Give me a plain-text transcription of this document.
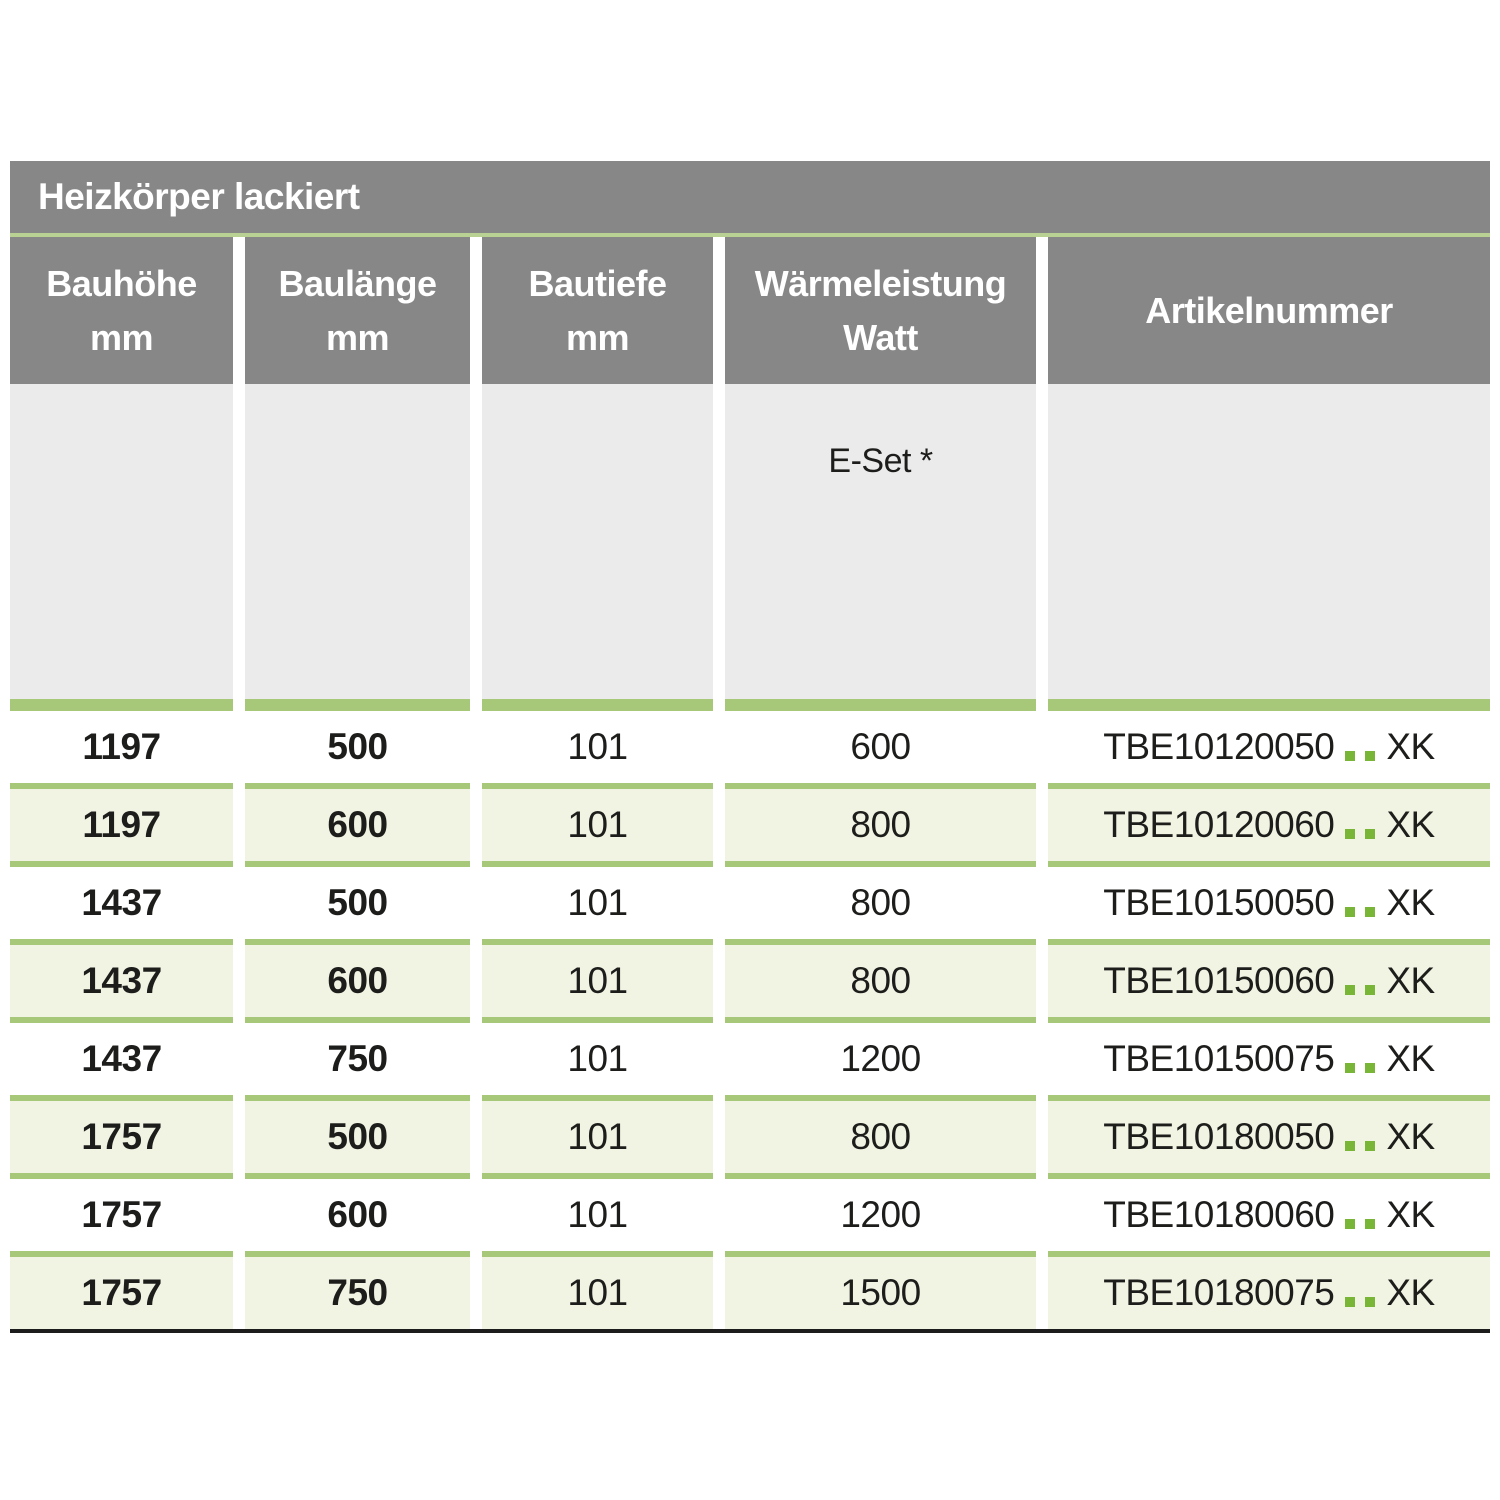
Heizkörper lackiert
Bauhöhe
mm
Baulänge
mm
Bautiefe
mm
Wärmeleistung
Watt
Artikelnummer
E-Set *
1197	500	101	600	TBE10120050 XK
1197	600	101	800	TBE10120060 XK
1437	500	101	800	TBE10150050 XK
1437	600	101	800	TBE10150060 XK
1437	750	101	1200	TBE10150075 XK
1757	500	101	800	TBE10180050 XK
1757	600	101	1200	TBE10180060 XK
1757	750	101	1500	TBE10180075 XK
